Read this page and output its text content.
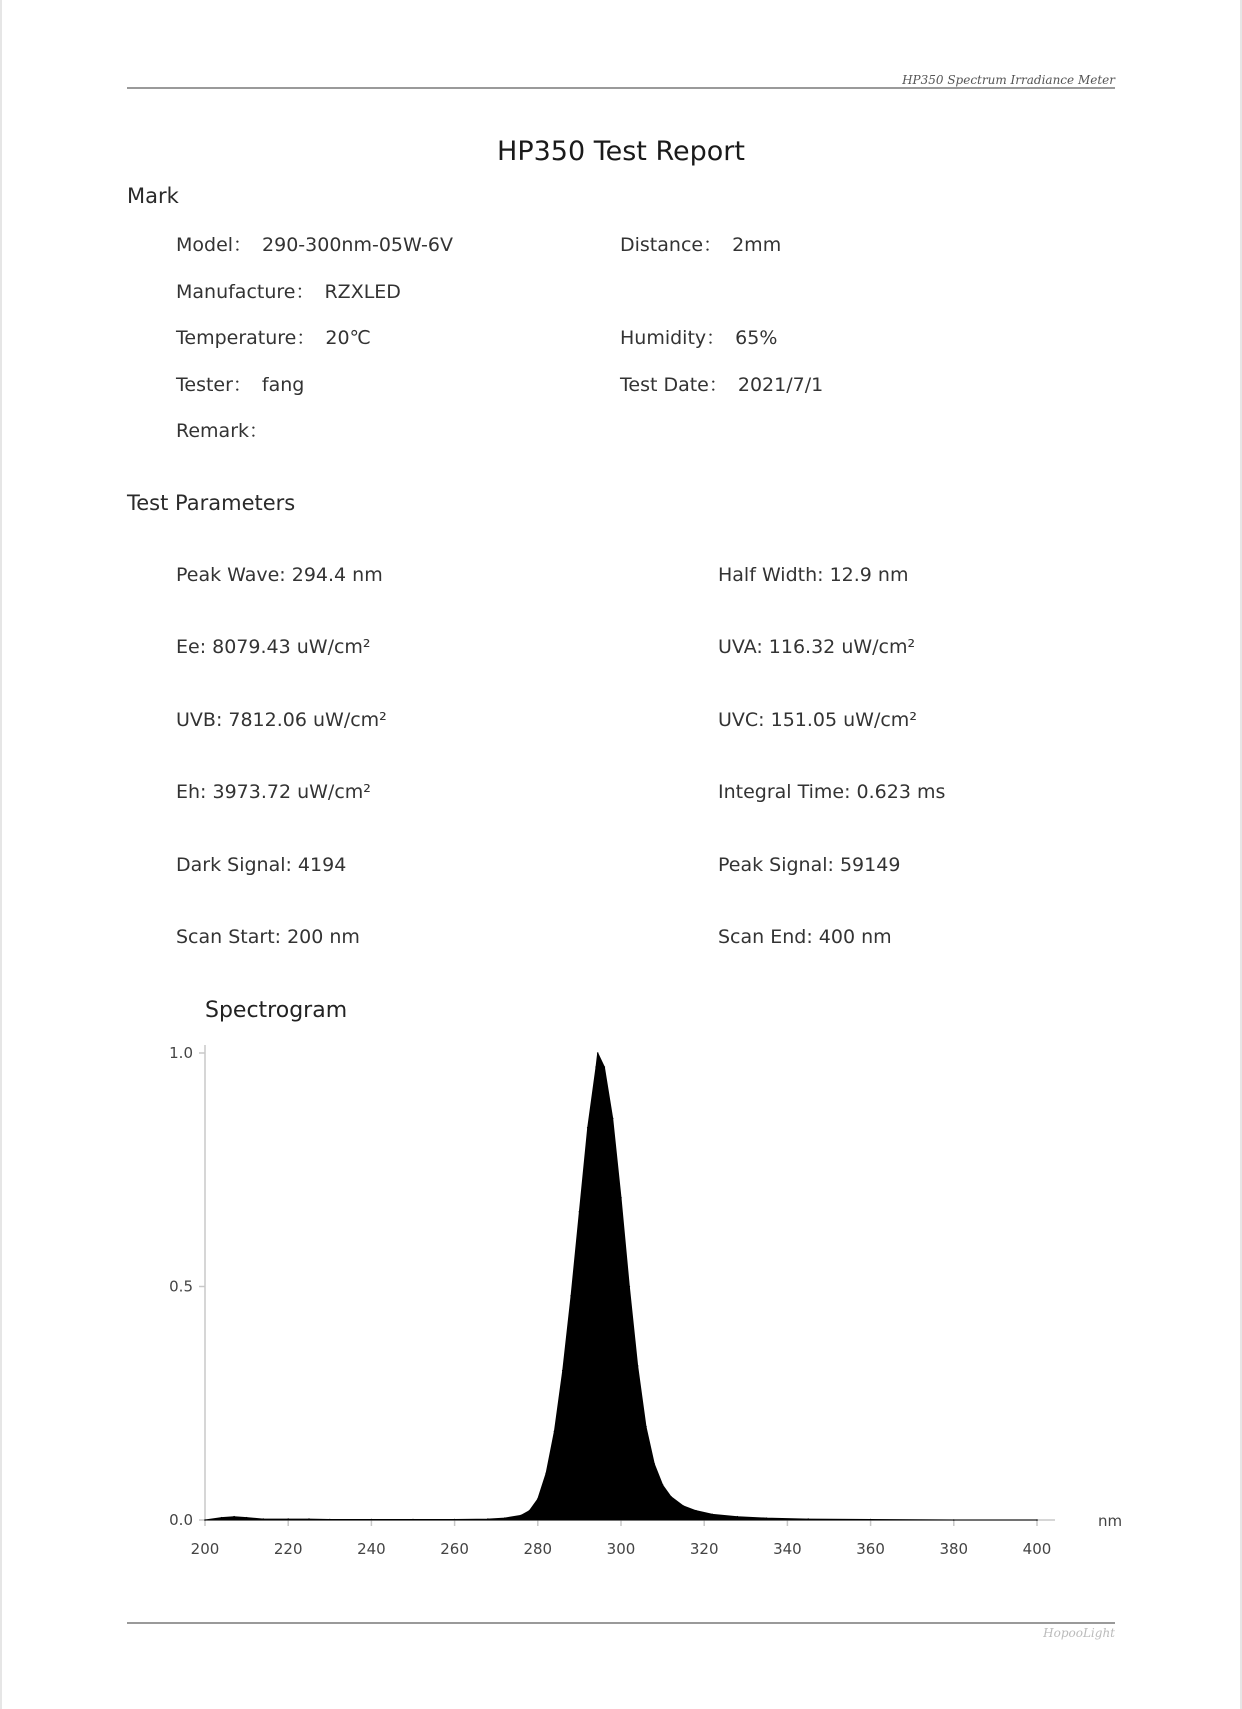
HP350 Spectrum Irradiance Meter
HP350 Test Report
Mark
Model： 290-300nm-05W-6V	Distance： 2mm
Manufacture： RZXLED
Temperature： 20℃	Humidity： 65%
Tester： fang	Test Date： 2021/7/1
Remark：
Test Parameters
Peak Wave: 294.4 nm	Half Width: 12.9 nm
Ee: 8079.43 uW/cm²	UVA: 116.32 uW/cm²
UVB: 7812.06 uW/cm²	UVC: 151.05 uW/cm²
Eh: 3973.72 uW/cm²	Integral Time: 0.623 ms
Dark Signal: 4194	Peak Signal: 59149
Scan Start: 200 nm	Scan End: 400 nm
Spectrogram
0.0
0.5
1.0
200	220	240	260	280	300	320	340	360	380	400
nm
HopooLight
